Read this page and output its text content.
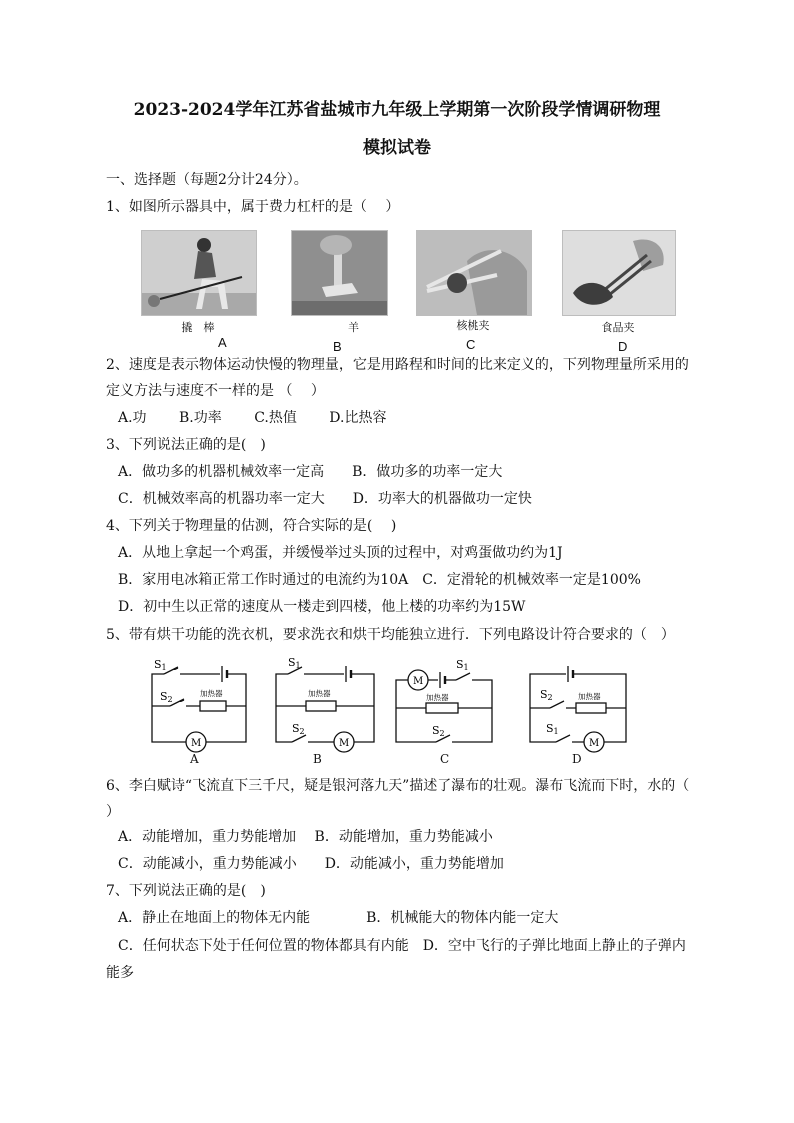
2023-2024学年江苏省盐城市九年级上学期第一次阶段学情调研物理
模拟试卷
一、选择题（每题2分计24分）。
1、如图所示器具中，属于费力杠杆的是（　 ）
撬　棒	羊	核桃夹	食品夹
A	B	C	D
2、速度是表示物体运动快慢的物理量，它是用路程和时间的比来定义的，下列物理量所采用的
定义方法与速度不一样的是 （　 ）
A.功　　 B.功率　　 C.热值　　 D.比热容
3、下列说法正确的是(　)
A．做功多的机器机械效率一定高　　B．做功多的功率一定大
C．机械效率高的机器功率一定大　　D．功率大的机器做功一定快
4、下列关于物理量的估测，符合实际的是(　 )
A．从地上拿起一个鸡蛋，并缓慢举过头顶的过程中，对鸡蛋做功约为1J
B．家用电冰箱正常工作时通过的电流约为10A　C．定滑轮的机械效率一定是100%
D．初中生以正常的速度从一楼走到四楼，他上楼的功率约为15W
5、带有烘干功能的洗衣机，要求洗衣和烘干均能独立进行．下列电路设计符合要求的（　）
S1
S2
加热器
M
S1
S2
加热器
M
S1
S2
加热器
M
S2
S1
加热器
M
A	B	C	D
6、李白赋诗“飞流直下三千尺，疑是银河落九天”描述了瀑布的壮观。瀑布飞流而下时，水的（
）
A．动能增加，重力势能增加　 B．动能增加，重力势能减小
C．动能减小，重力势能减小　　D．动能减小，重力势能增加
7、下列说法正确的是(　)
A．静止在地面上的物体无内能　　　　B．机械能大的物体内能一定大
C．任何状态下处于任何位置的物体都具有内能　D．空中飞行的子弹比地面上静止的子弹内
能多
